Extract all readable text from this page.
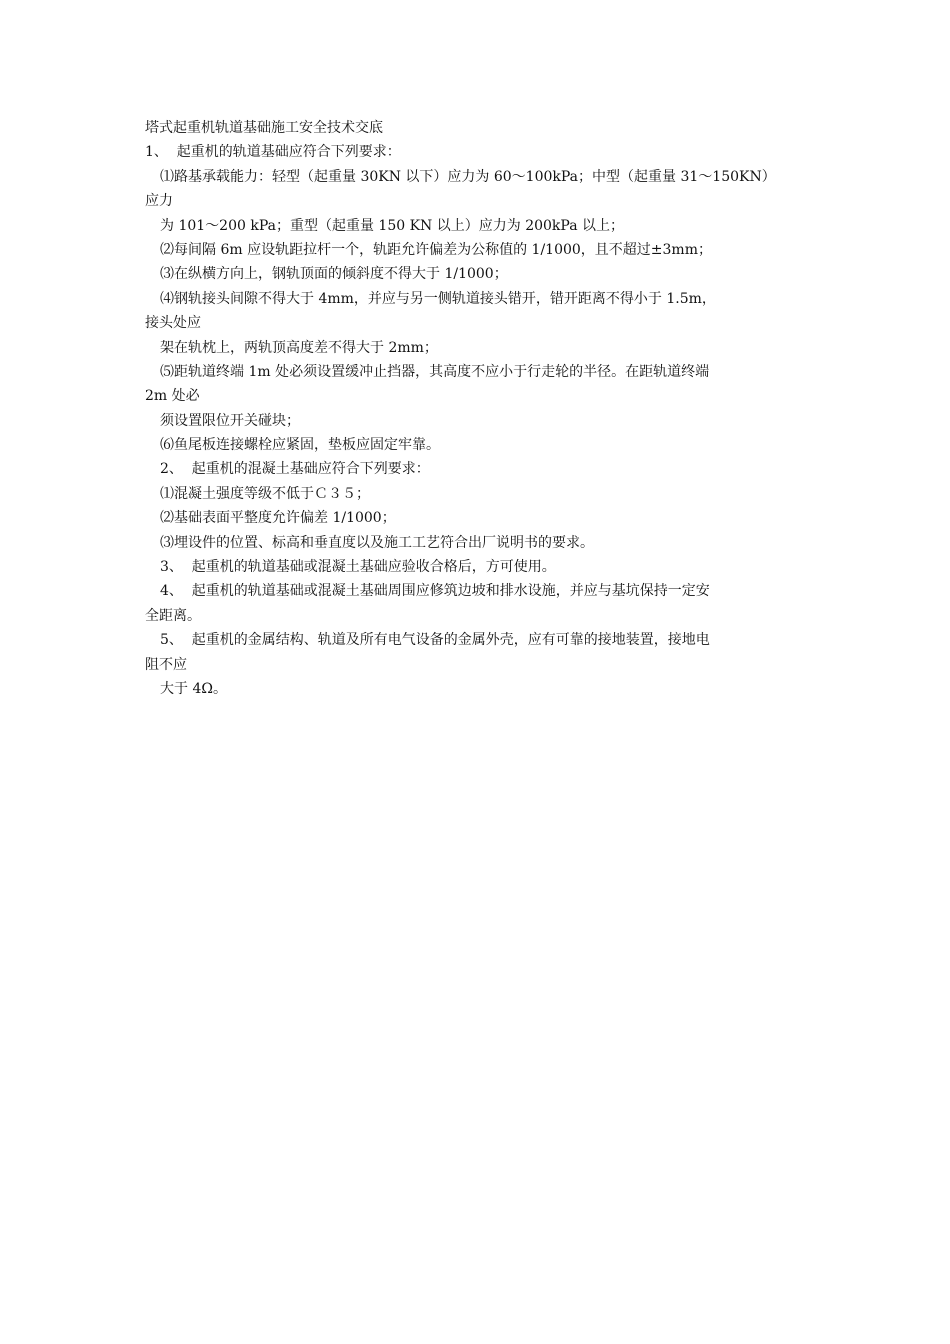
塔式起重机轨道基础施工安全技术交底
1、  起重机的轨道基础应符合下列要求：
⑴路基承载能力：轻型（起重量 30KN 以下）应力为 60～100kPa；中型（起重量 31～150KN）
应力
为 101～200 kPa；重型（起重量 150 KN 以上）应力为 200kPa 以上；
⑵每间隔 6m 应设轨距拉杆一个，轨距允许偏差为公称值的 1/1000，且不超过±3mm；
⑶在纵横方向上，钢轨顶面的倾斜度不得大于 1/1000；
⑷钢轨接头间隙不得大于 4mm，并应与另一侧轨道接头错开，错开距离不得小于 1.5m，
接头处应
架在轨枕上，两轨顶高度差不得大于 2mm；
⑸距轨道终端 1m 处必须设置缓冲止挡器，其高度不应小于行走轮的半径。在距轨道终端
2m 处必
须设置限位开关碰块；
⑹鱼尾板连接螺栓应紧固，垫板应固定牢靠。
2、  起重机的混凝土基础应符合下列要求：
⑴混凝土强度等级不低于Ｃ３５；
⑵基础表面平整度允许偏差 1/1000；
⑶埋设件的位置、标高和垂直度以及施工工艺符合出厂说明书的要求。
3、  起重机的轨道基础或混凝土基础应验收合格后，方可使用。
4、  起重机的轨道基础或混凝土基础周围应修筑边坡和排水设施，并应与基坑保持一定安
全距离。
5、  起重机的金属结构、轨道及所有电气设备的金属外壳，应有可靠的接地装置，接地电
阻不应
大于 4Ω。
